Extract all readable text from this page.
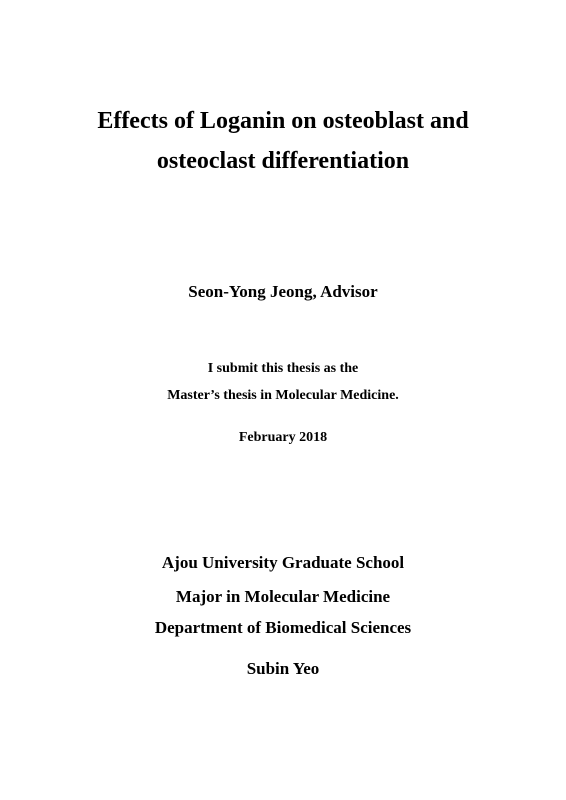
Effects of Loganin on osteoblast and
osteoclast differentiation

Seon-Yong Jeong, Advisor

I submit this thesis as the

Master’s thesis in Molecular Medicine.

February 2018

Ajou University Graduate School

Major in Molecular Medicine

Department of Biomedical Sciences

Subin Yeo
